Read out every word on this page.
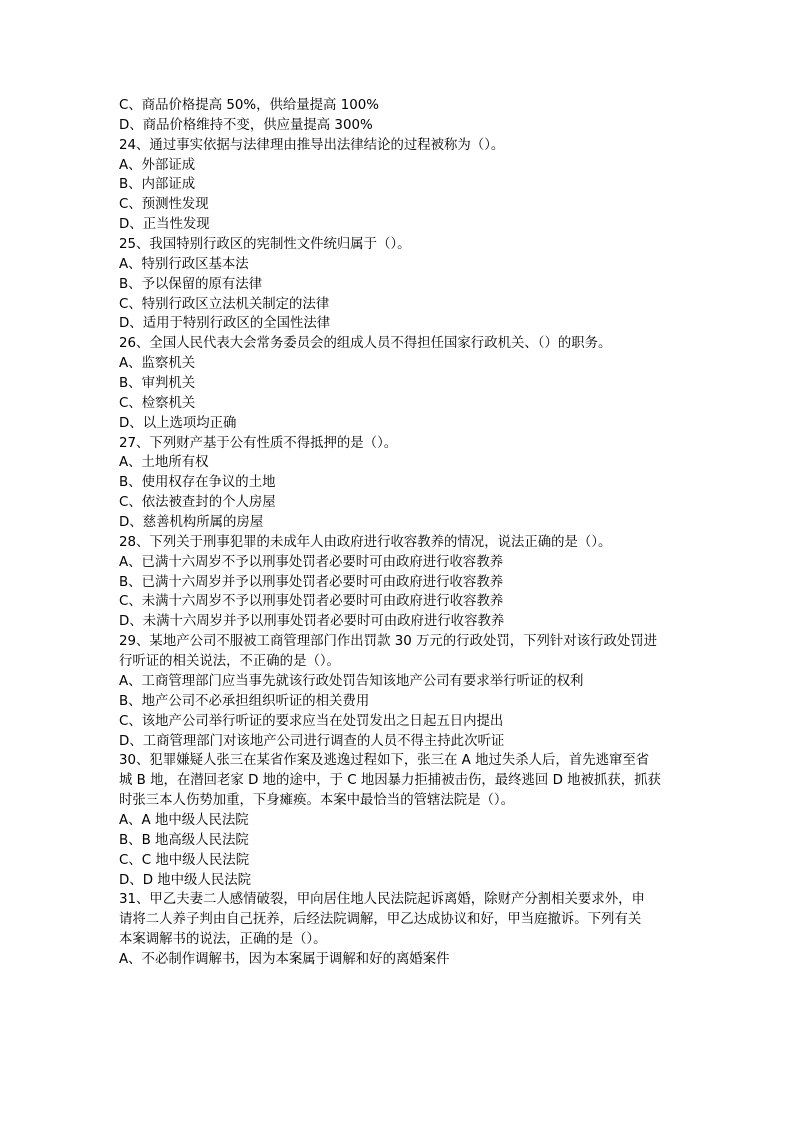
C、商品价格提高 50%，供给量提高 100%
D、商品价格维持不变，供应量提高 300%
24、通过事实依据与法律理由推导出法律结论的过程被称为（）。
A、外部证成
B、内部证成
C、预测性发现
D、正当性发现
25、我国特别行政区的宪制性文件统归属于（）。
A、特别行政区基本法
B、予以保留的原有法律
C、特别行政区立法机关制定的法律
D、适用于特别行政区的全国性法律
26、全国人民代表大会常务委员会的组成人员不得担任国家行政机关、（）的职务。
A、监察机关
B、审判机关
C、检察机关
D、以上选项均正确
27、下列财产基于公有性质不得抵押的是（）。
A、土地所有权
B、使用权存在争议的土地
C、依法被查封的个人房屋
D、慈善机构所属的房屋
28、下列关于刑事犯罪的未成年人由政府进行收容教养的情况，说法正确的是（）。
A、已满十六周岁不予以刑事处罚者必要时可由政府进行收容教养
B、已满十六周岁并予以刑事处罚者必要时可由政府进行收容教养
C、未满十六周岁不予以刑事处罚者必要时可由政府进行收容教养
D、未满十六周岁并予以刑事处罚者必要时可由政府进行收容教养
29、某地产公司不服被工商管理部门作出罚款 30 万元的行政处罚，下列针对该行政处罚进
行听证的相关说法，不正确的是（）。
A、工商管理部门应当事先就该行政处罚告知该地产公司有要求举行听证的权利
B、地产公司不必承担组织听证的相关费用
C、该地产公司举行听证的要求应当在处罚发出之日起五日内提出
D、工商管理部门对该地产公司进行调查的人员不得主持此次听证
30、犯罪嫌疑人张三在某省作案及逃逸过程如下，张三在 A 地过失杀人后，首先逃窜至省
城 B 地，在潜回老家 D 地的途中，于 C 地因暴力拒捕被击伤，最终逃回 D 地被抓获，抓获
时张三本人伤势加重，下身瘫痪。本案中最恰当的管辖法院是（）。
A、A 地中级人民法院
B、B 地高级人民法院
C、C 地中级人民法院
D、D 地中级人民法院
31、甲乙夫妻二人感情破裂，甲向居住地人民法院起诉离婚，除财产分割相关要求外，申
请将二人养子判由自己抚养，后经法院调解，甲乙达成协议和好，甲当庭撤诉。下列有关
本案调解书的说法，正确的是（）。
A、不必制作调解书，因为本案属于调解和好的离婚案件
